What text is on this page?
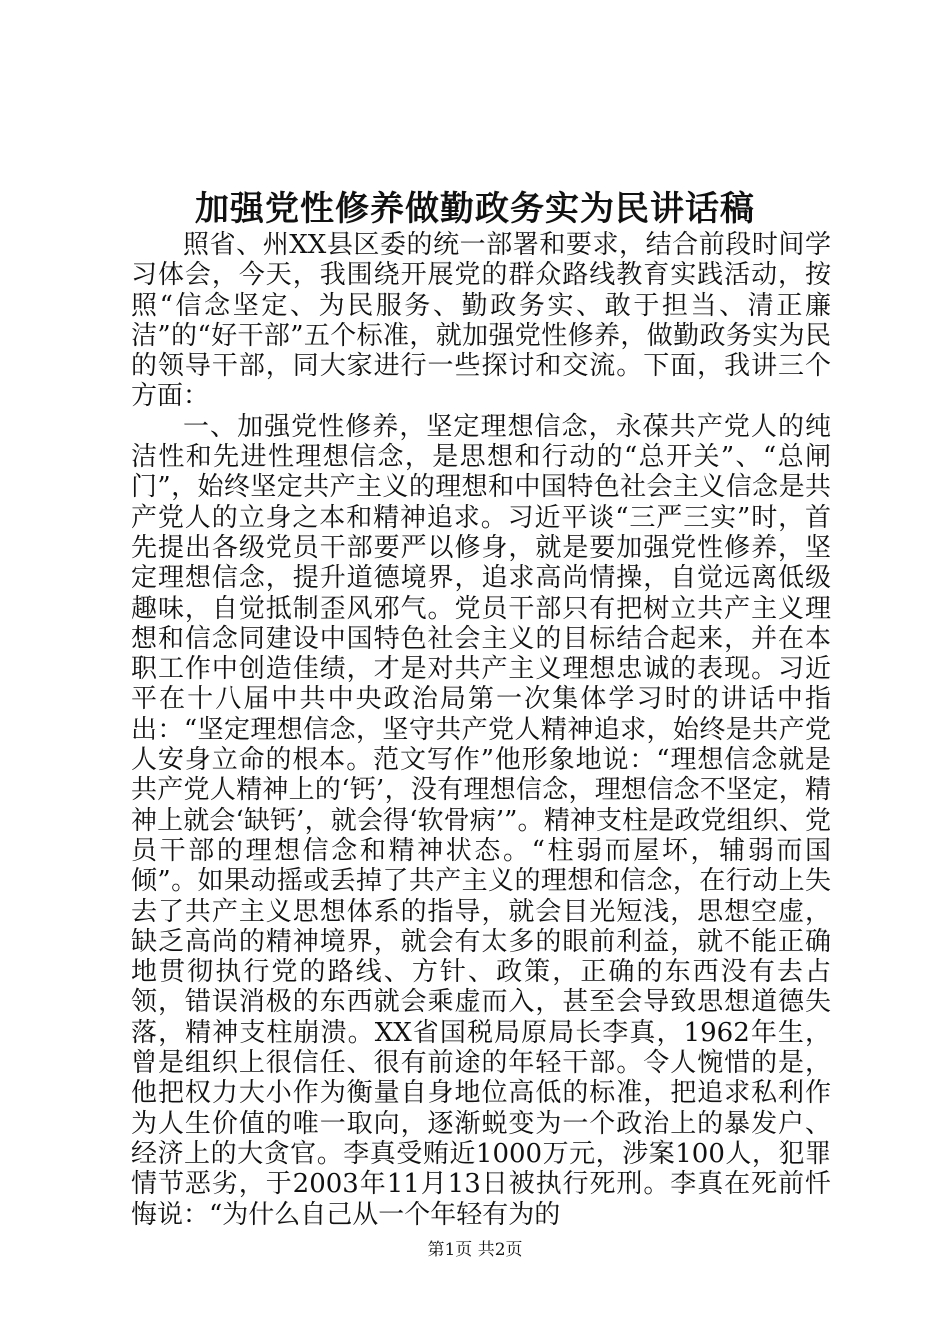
加强党性修养做勤政务实为民讲话稿

照省、州XX县区委的统一部署和要求，结合前段时间学习体会，今天，我围绕开展党的群众路线教育实践活动，按照“信念坚定、为民服务、勤政务实、敢于担当、清正廉洁”的“好干部”五个标准，就加强党性修养，做勤政务实为民的领导干部，同大家进行一些探讨和交流。下面，我讲三个方面：

一、加强党性修养，坚定理想信念，永葆共产党人的纯洁性和先进性理想信念，是思想和行动的“总开关”、“总闸门”，始终坚定共产主义的理想和中国特色社会主义信念是共产党人的立身之本和精神追求。习近平谈“三严三实”时，首先提出各级党员干部要严以修身，就是要加强党性修养，坚定理想信念，提升道德境界，追求高尚情操，自觉远离低级趣味，自觉抵制歪风邪气。党员干部只有把树立共产主义理想和信念同建设中国特色社会主义的目标结合起来，并在本职工作中创造佳绩，才是对共产主义理想忠诚的表现。习近平在十八届中共中央政治局第一次集体学习时的讲话中指出：“坚定理想信念，坚守共产党人精神追求，始终是共产党人安身立命的根本。范文写作”他形象地说：“理想信念就是共产党人精神上的‘钙’，没有理想信念，理想信念不坚定，精神上就会‘缺钙’，就会得‘软骨病’”。精神支柱是政党组织、党员干部的理想信念和精神状态。“柱弱而屋坏，辅弱而国倾”。如果动摇或丢掉了共产主义的理想和信念，在行动上失去了共产主义思想体系的指导，就会目光短浅，思想空虚，缺乏高尚的精神境界，就会有太多的眼前利益，就不能正确地贯彻执行党的路线、方针、政策，正确的东西没有去占领，错误消极的东西就会乘虚而入，甚至会导致思想道德失落，精神支柱崩溃。XX省国税局原局长李真，1962年生，曾是组织上很信任、很有前途的年轻干部。令人惋惜的是，他把权力大小作为衡量自身地位高低的标准，把追求私利作为人生价值的唯一取向，逐渐蜕变为一个政治上的暴发户、经济上的大贪官。李真受贿近1000万元，涉案100人，犯罪情节恶劣，于2003年11月13日被执行死刑。李真在死前忏悔说：“为什么自己从一个年轻有为的

第1页 共2页
